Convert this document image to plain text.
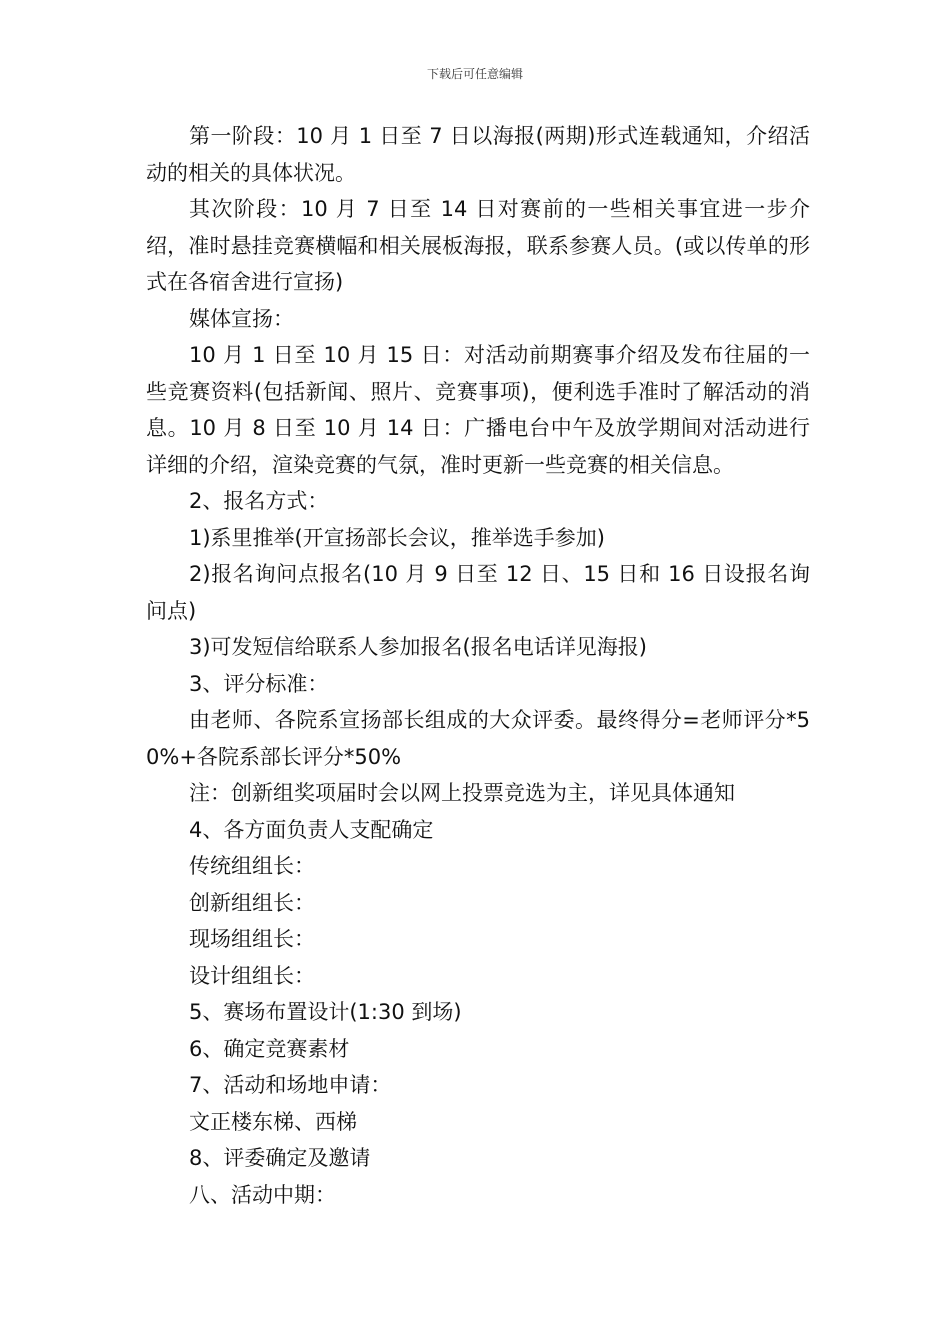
下载后可任意编辑

第一阶段：10 月 1 日至 7 日以海报(两期)形式连载通知，介绍活动的相关的具体状况。

其次阶段：10 月 7 日至 14 日对赛前的一些相关事宜进一步介绍，准时悬挂竞赛横幅和相关展板海报，联系参赛人员。(或以传单的形式在各宿舍进行宣扬)

媒体宣扬：

10 月 1 日至 10 月 15 日：对活动前期赛事介绍及发布往届的一些竞赛资料(包括新闻、照片、竞赛事项)，便利选手准时了解活动的消息。10 月 8 日至 10 月 14 日：广播电台中午及放学期间对活动进行详细的介绍，渲染竞赛的气氛，准时更新一些竞赛的相关信息。

2、报名方式：

1)系里推举(开宣扬部长会议，推举选手参加)

2)报名询问点报名(10 月 9 日至 12 日、15 日和 16 日设报名询问点)

3)可发短信给联系人参加报名(报名电话详见海报)

3、评分标准：

由老师、各院系宣扬部长组成的大众评委。最终得分=老师评分*50%+各院系部长评分*50%

注：创新组奖项届时会以网上投票竞选为主，详见具体通知

4、各方面负责人支配确定

传统组组长：

创新组组长：

现场组组长：

设计组组长：

5、赛场布置设计(1:30 到场)

6、确定竞赛素材

7、活动和场地申请：

文正楼东梯、西梯

8、评委确定及邀请

八、活动中期：
